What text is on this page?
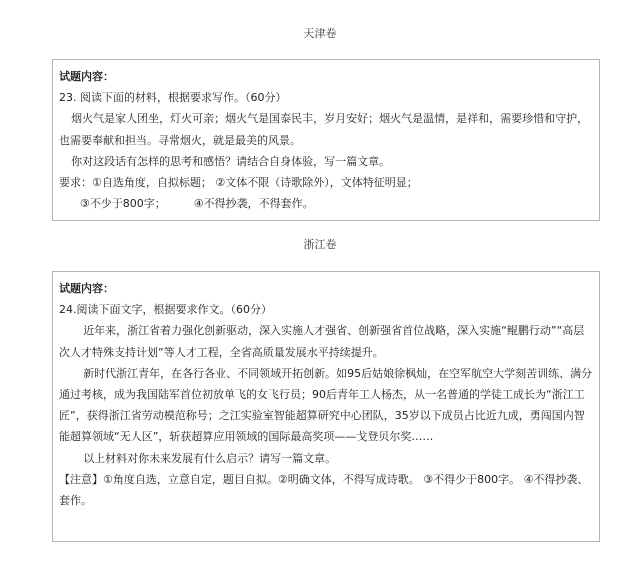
天津卷

试题内容：

23. 阅读下面的材料，根据要求写作。（60分）

烟火气是家人团坐，灯火可亲；烟火气是国泰民丰，岁月安好；烟火气是温情，是祥和，需要珍惜和守护，也需要奉献和担当。寻常烟火，就是最美的风景。

你对这段话有怎样的思考和感悟？请结合自身体验，写一篇文章。

要求：①自选角度，自拟标题； ②文体不限（诗歌除外），文体特征明显；

③不少于800字；	④不得抄袭，不得套作。

浙江卷

试题内容：

24.阅读下面文字，根据要求作文。（60分）

近年来，浙江省着力强化创新驱动，深入实施人才强省、创新强省首位战略，深入实施“鲲鹏行动”“高层次人才特殊支持计划”等人才工程，全省高质量发展水平持续提升。

新时代浙江青年，在各行各业、不同领域开拓创新。如95后姑娘徐枫灿，在空军航空大学刻苦训练、满分通过考核，成为我国陆军首位初放单飞的女飞行员；90后青年工人杨杰，从一名普通的学徒工成长为“浙江工匠”，获得浙江省劳动模范称号；之江实验室智能超算研究中心团队，35岁以下成员占比近九成，勇闯国内智能超算领域“无人区”，斩获超算应用领域的国际最高奖项——戈登贝尔奖……

以上材料对你未来发展有什么启示？请写一篇文章。

【注意】①角度自选，立意自定，题目自拟。②明确文体，不得写成诗歌。 ③不得少于800字。 ④不得抄袭、套作。
